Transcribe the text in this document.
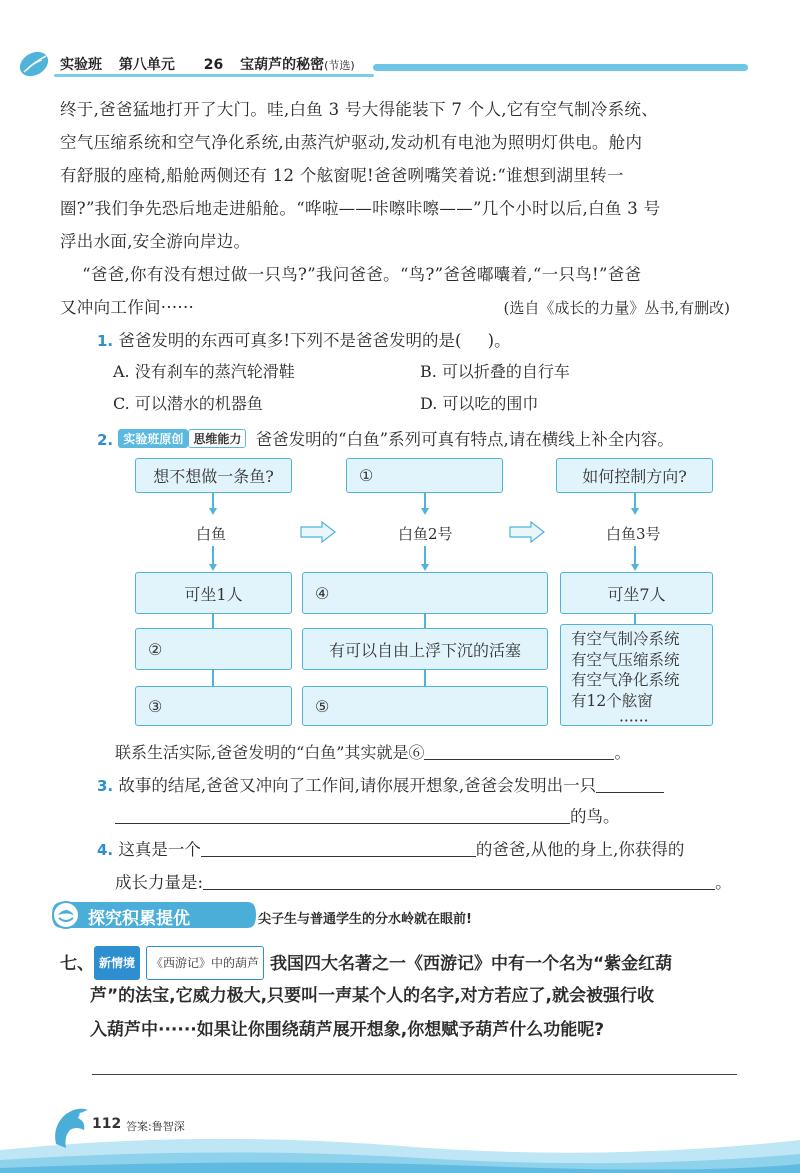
实验班 第八单元 26 宝葫芦的秘密(节选)
终于,爸爸猛地打开了大门。哇,白鱼 3 号大得能装下 7 个人,它有空气制冷系统、
空气压缩系统和空气净化系统,由蒸汽炉驱动,发动机有电池为照明灯供电。舱内
有舒服的座椅,船舱两侧还有 12 个舷窗呢!爸爸咧嘴笑着说:“谁想到湖里转一
圈?”我们争先恐后地走进船舱。“哗啦——咔嚓咔嚓——”几个小时以后,白鱼 3 号
浮出水面,安全游向岸边。
“爸爸,你有没有想过做一只鸟?”我问爸爸。“鸟?”爸爸嘟囔着,“一只鸟!”爸爸
又冲向工作间······	(选自《成长的力量》丛书,有删改)
1. 爸爸发明的东西可真多!下列不是爸爸发明的是(     )。
A. 没有刹车的蒸汽轮滑鞋	B. 可以折叠的自行车
C. 可以潜水的机器鱼	D. 可以吃的围巾
2. 实验班原创 思维能力 爸爸发明的“白鱼”系列可真有特点,请在横线上补全内容。
想不想做一条鱼?
白鱼
可坐1人
②
③
①
白鱼2号
④
有可以自由上浮下沉的活塞
⑤
如何控制方向?
白鱼3号
可坐7人
有空气制冷系统
有空气压缩系统
有空气净化系统
有12个舷窗
······
联系生活实际,爸爸发明的“白鱼”其实就是⑥	。
3. 故事的结尾,爸爸又冲向了工作间,请你展开想象,爸爸会发明出一只
的鸟。
4. 这真是一个	的爸爸,从他的身上,你获得的
成长力量是:	。
探究积累提优	尖子生与普通学生的分水岭就在眼前!
七、 新情境 《西游记》中的葫芦 我国四大名著之一《西游记》中有一个名为“紫金红葫
芦”的法宝,它威力极大,只要叫一声某个人的名字,对方若应了,就会被强行收
入葫芦中······如果让你围绕葫芦展开想象,你想赋予葫芦什么功能呢?
112 答案:鲁智深
